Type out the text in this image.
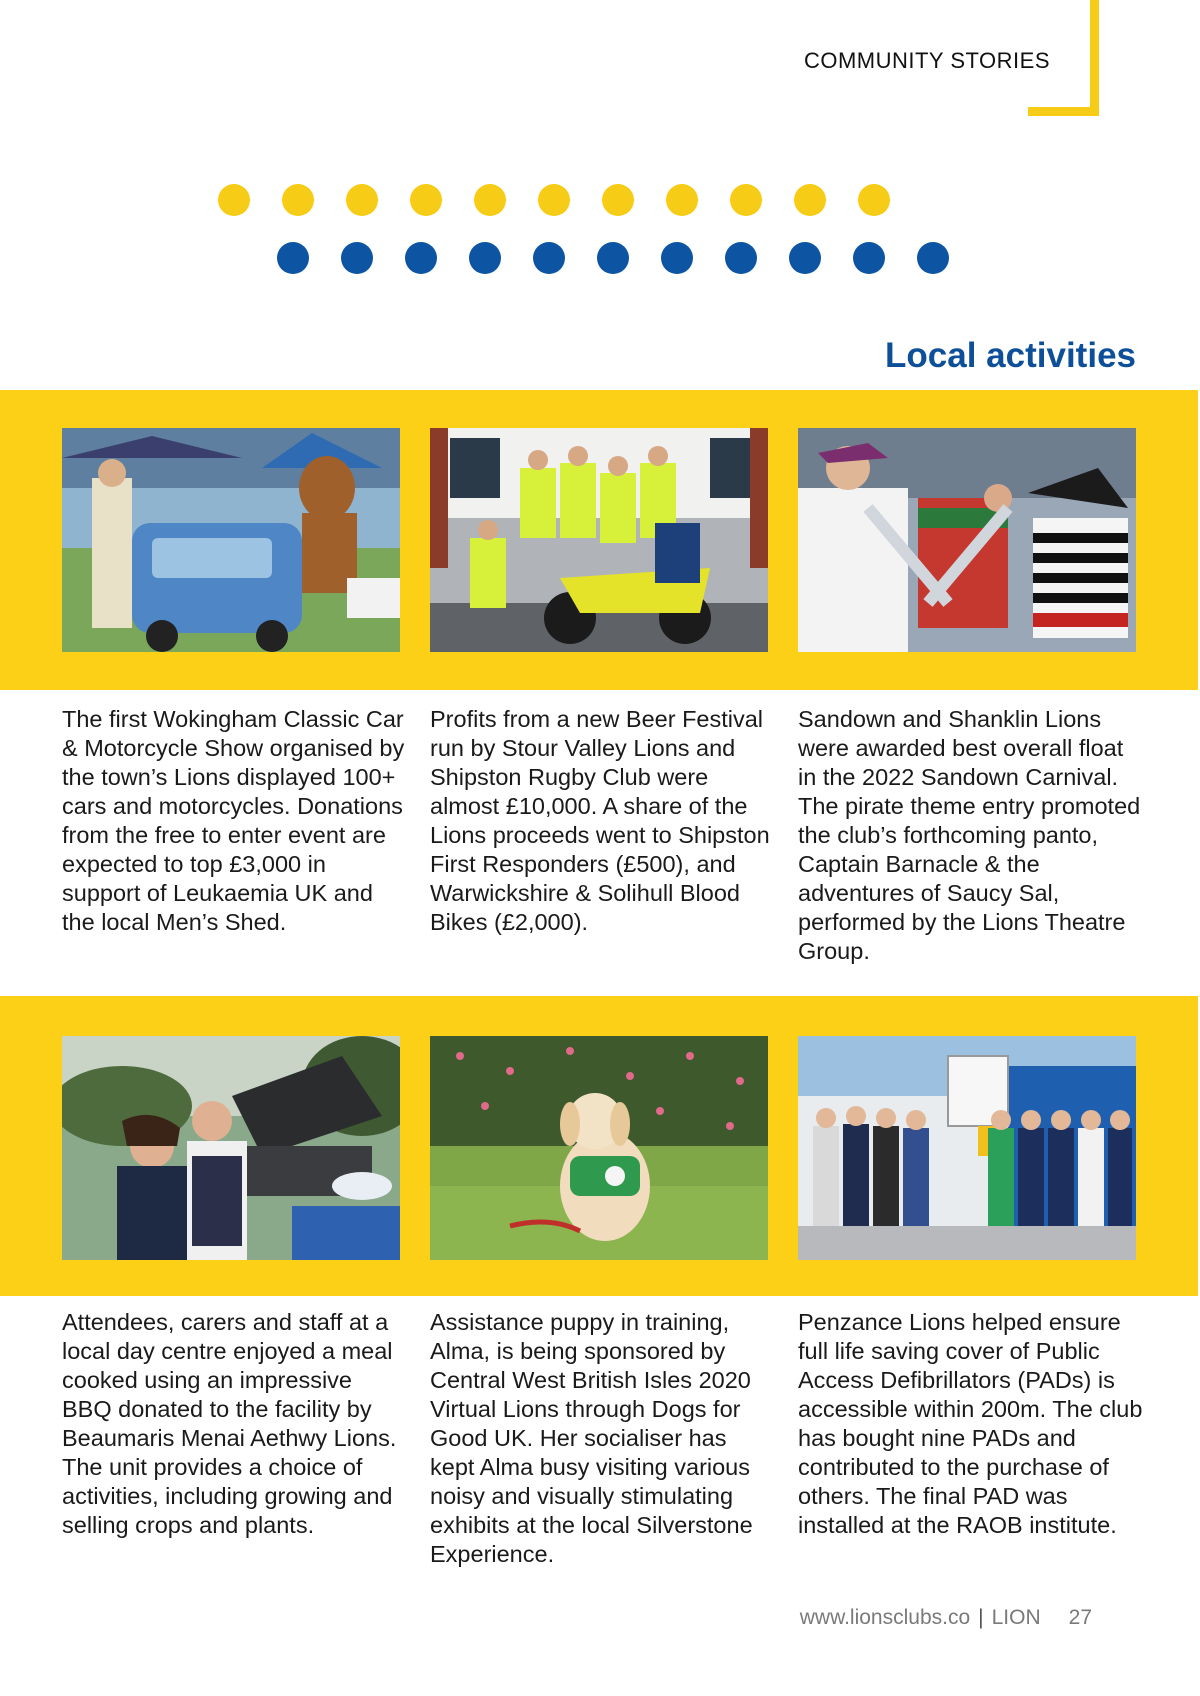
COMMUNITY STORIES
Local activities
The first Wokingham Classic Car & Motorcycle Show organised by the town’s Lions displayed 100+ cars and motorcycles. Donations from the free to enter event are expected to top £3,000 in support of Leukaemia UK and the local Men’s Shed.
Profits from a new Beer Festival run by Stour Valley Lions and Shipston Rugby Club were almost £10,000. A share of the Lions proceeds went to Shipston First Responders (£500), and Warwickshire & Solihull Blood Bikes (£2,000).
Sandown and Shanklin Lions were awarded best overall float in the 2022 Sandown Carnival. The pirate theme entry promoted the club’s forthcoming panto, Captain Barnacle & the adventures of Saucy Sal, performed by the Lions Theatre Group.
Attendees, carers and staff at a local day centre enjoyed a meal cooked using an impressive BBQ donated to the facility by Beaumaris Menai Aethwy Lions. The unit provides a choice of activities, including growing and selling crops and plants.
Assistance puppy in training, Alma, is being sponsored by Central West British Isles 2020 Virtual Lions through Dogs for Good UK. Her socialiser has kept Alma busy visiting various noisy and visually stimulating exhibits at the local Silverstone Experience.
Penzance Lions helped ensure full life saving cover of Public Access Defibrillators (PADs) is accessible within 200m. The club has bought nine PADs and contributed to the purchase of others. The final PAD was installed at the RAOB institute.
www.lionsclubs.co | LION 27
